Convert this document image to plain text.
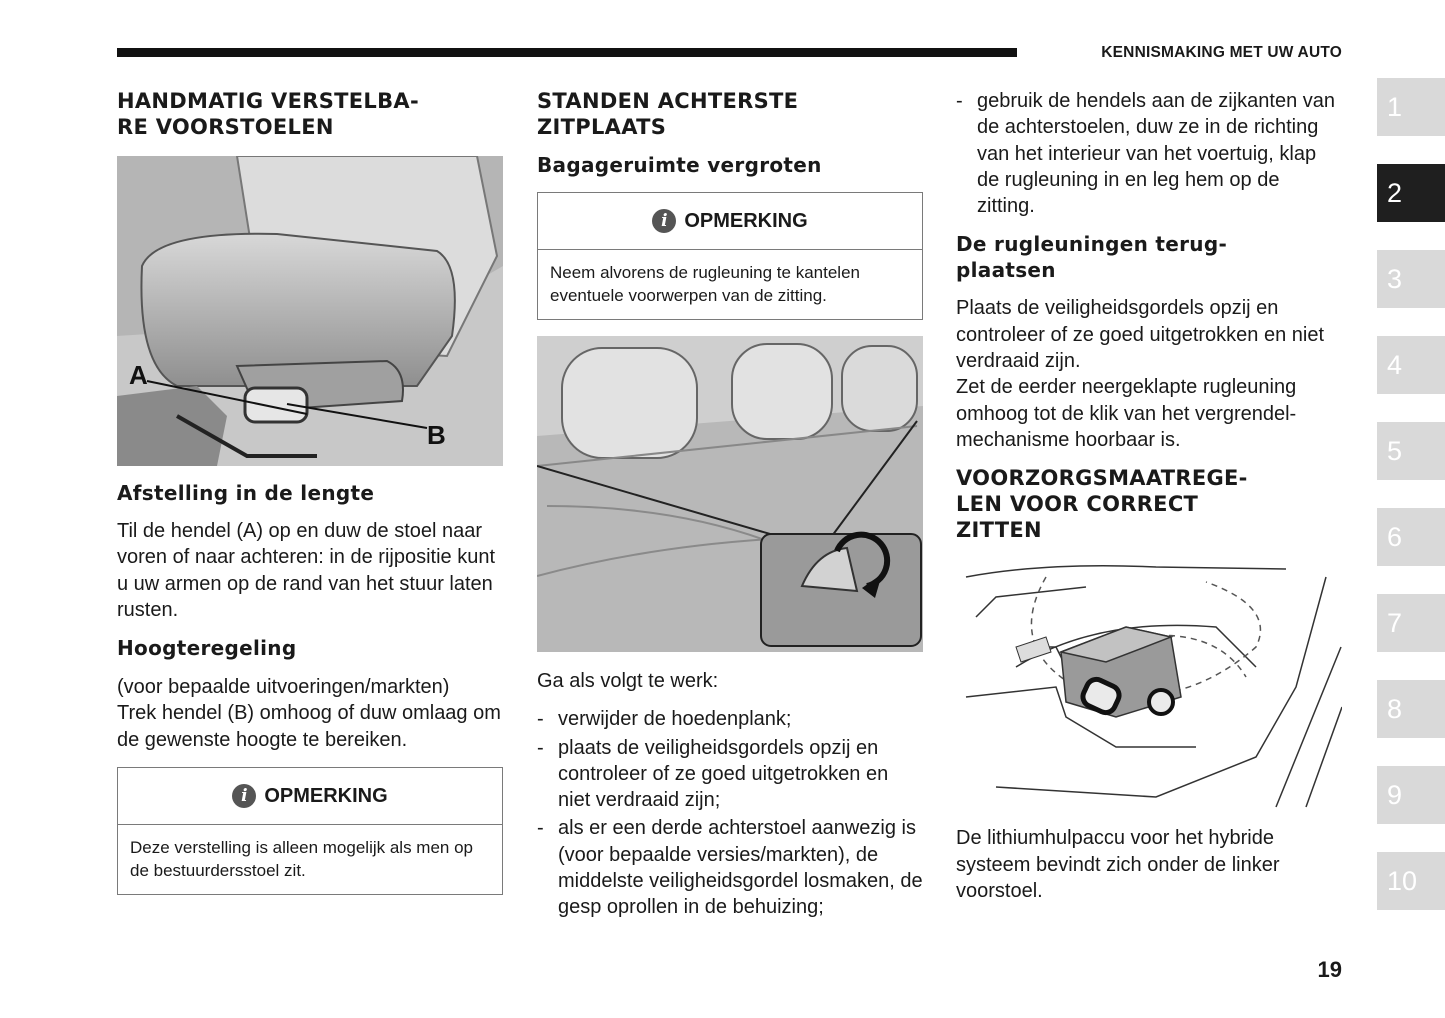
KENNISMAKING MET UW AUTO
1
2
3
4
5
6
7
8
9
10
HANDMATIG VERSTELBA-
RE VOORSTOELEN
A
B
Afstelling in de lengte

Til de hendel (A) op en duw de stoel naar voren of naar achteren: in de rijpositie kunt u uw armen op de rand van het stuur laten rusten.

Hoogteregeling

(voor bepaalde uitvoeringen/markten)

Trek hendel (B) omhoog of duw omlaag om de gewenste hoogte te bereiken.

i OPMERKING
Deze verstelling is alleen mogelijk als men op de bestuurdersstoel zit.
STANDEN ACHTERSTE
ZITPLAATS
Bagageruimte vergroten
i OPMERKING
Neem alvorens de rugleuning te kantelen eventuele voorwerpen van de zitting.

Ga als volgt te werk:

- verwijder de hoedenplank;
- plaats de veiligheidsgordels opzij en controleer of ze goed uitgetrokken en niet verdraaid zijn;
- als er een derde achterstoel aanwezig is (voor bepaalde versies/markten), de middelste veiligheidsgordel losmaken, de gesp oprollen in de behuizing;
- gebruik de hendels aan de zijkanten van de achterstoelen, duw ze in de richting van het interieur van het voertuig, klap de rugleuning in en leg hem op de zitting.
De rugleuningen terug-
plaatsen

Plaats de veiligheidsgordels opzij en controleer of ze goed uitgetrokken en niet verdraaid zijn.

Zet de eerder neergeklapte rugleuning omhoog tot de klik van het vergrendel-mechanisme hoorbaar is.

VOORZORGSMAATREGE-
LEN VOOR CORRECT
ZITTEN

De lithiumhulpaccu voor het hybride systeem bevindt zich onder de linker voorstoel.

19
